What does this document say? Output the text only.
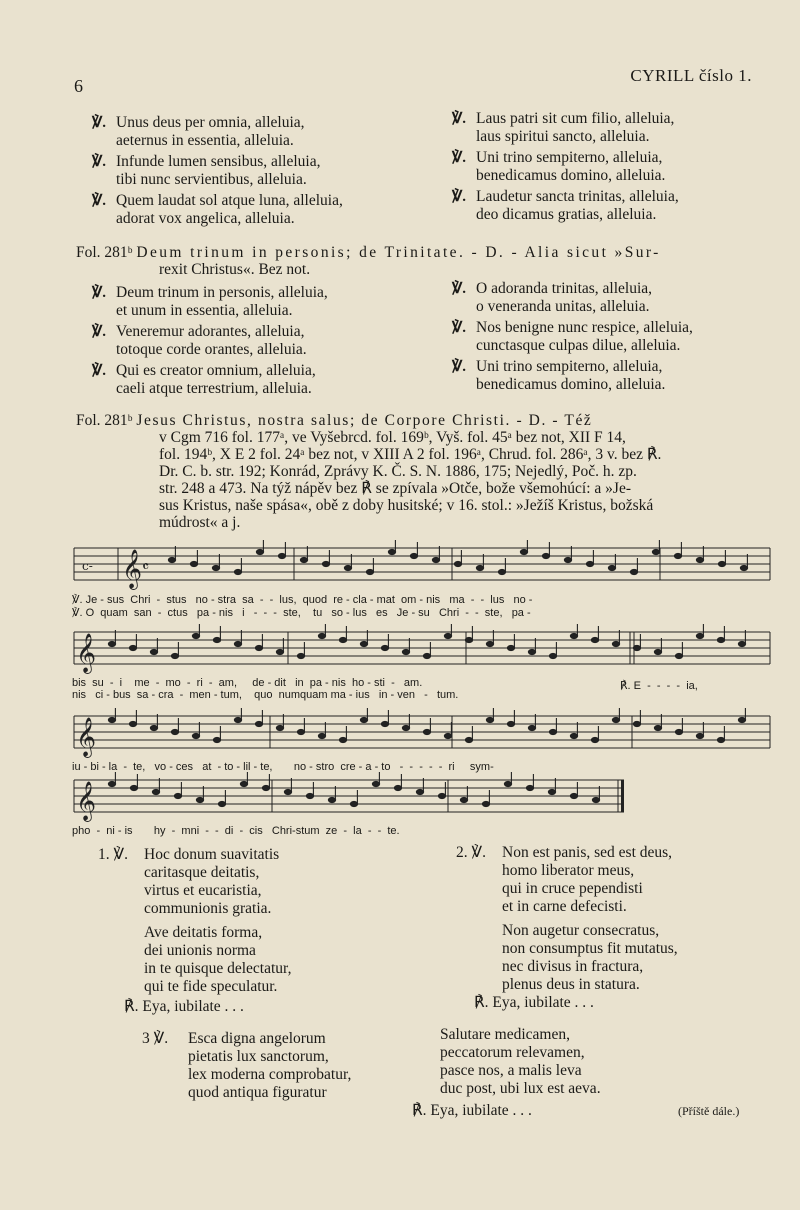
6
CYRILL číslo 1.
℣. Unus deus per omnia, alleluia,
aeternus in essentia, alleluia.
℣. Infunde lumen sensibus, alleluia,
tibi nunc servientibus, alleluia.
℣. Quem laudat sol atque luna, alleluia,
adorat vox angelica, alleluia.
℣. Laus patri sit cum filio, alleluia,
laus spiritui sancto, alleluia.
℣. Uni trino sempiterno, alleluia,
benedicamus domino, alleluia.
℣. Laudetur sancta trinitas, alleluia,
deo dicamus gratias, alleluia.
Fol. 281ᵇ Deum trinum in personis; de Trinitate. - D. - Alia sicut »Sur-
rexit Christus«. Bez not.
℣. Deum trinum in personis, alleluia,
et unum in essentia, alleluia.
℣. Veneremur adorantes, alleluia,
totoque corde orantes, alleluia.
℣. Qui es creator omnium, alleluia,
caeli atque terrestrium, alleluia.
℣. O adoranda trinitas, alleluia,
o veneranda unitas, alleluia.
℣. Nos benigne nunc respice, alleluia,
cunctasque culpas dilue, alleluia.
℣. Uni trino sempiterno, alleluia,
benedicamus domino, alleluia.
Fol. 281ᵇ Jesus Christus, nostra salus; de Corpore Christi. - D. - Též
v Cgm 716 fol. 177ᵃ, ve Vyšebrcd. fol. 169ᵇ, Vyš. fol. 45ᵃ bez not, XII F 14,
fol. 194ᵇ, X E 2 fol. 24ᵃ bez not, v XIII A 2 fol. 196ᵃ, Chrud. fol. 286ᵃ, 3 v. bez ℟.
Dr. C. b. str. 192; Konrád, Zprávy K. Č. S. N. 1886, 175; Nejedlý, Poč. h. zp.
str. 248 a 473. Na týž nápěv bez ℟ se zpívala »Otče, bože všemohúcí: a »Je-
sus Kristus, naše spása«, obě z doby husitské; v 16. stol.: »Ježíš Kristus, božská
múdrost« a j.
c- 𝄞 𝄴
℣. Je - sus  Chri  -  stus   no - stra  sa  -  -  lus,  quod  re - cla - mat  om - nis   ma  -  -  lus   no -
℣. O  quam  san  -  ctus   pa - nis   i   -  -  -  ste,    tu   so - lus   es   Je - su   Chri  -  -  ste,   pa -
𝄞
bis  su  -  i    me  -  mo  -  ri  -  am,     de - dit   in  pa - nis  ho - sti  -   am.
nis   ci - bus  sa - cra  -  men - tum,    quo  numquam ma - ius   in - ven   -   tum.
℟. E  -  -  -  -  ia,
𝄞
iu - bi - la  -  te,   vo - ces   at  - to - lil - te,       no - stro  cre - a - to   -  -  -  -  -  ri     sym-
𝄞
pho  -  ni - is       hy  -  mni  -  -  di  -  cis   Chri-stum  ze  -  la  -  -  te.
1. ℣. Hoc donum suavitatis
caritasque deitatis,
virtus et eucaristia,
communionis gratia.
Ave deitatis forma,
dei unionis norma
in te quisque delectatur,
qui te fide speculatur.
℟. Eya, iubilate . . .
2. ℣. Non est panis, sed est deus,
homo liberator meus,
qui in cruce pependisti
et in carne defecisti.
Non augetur consecratus,
non consumptus fit mutatus,
nec divisus in fractura,
plenus deus in statura.
℟. Eya, iubilate . . .
3 ℣. Esca digna angelorum
pietatis lux sanctorum,
lex moderna comprobatur,
quod antiqua figuratur
Salutare medicamen,
peccatorum relevamen,
pasce nos, a malis leva
duc post, ubi lux est aeva.
℟. Eya, iubilate . . .	(Příště dále.)
